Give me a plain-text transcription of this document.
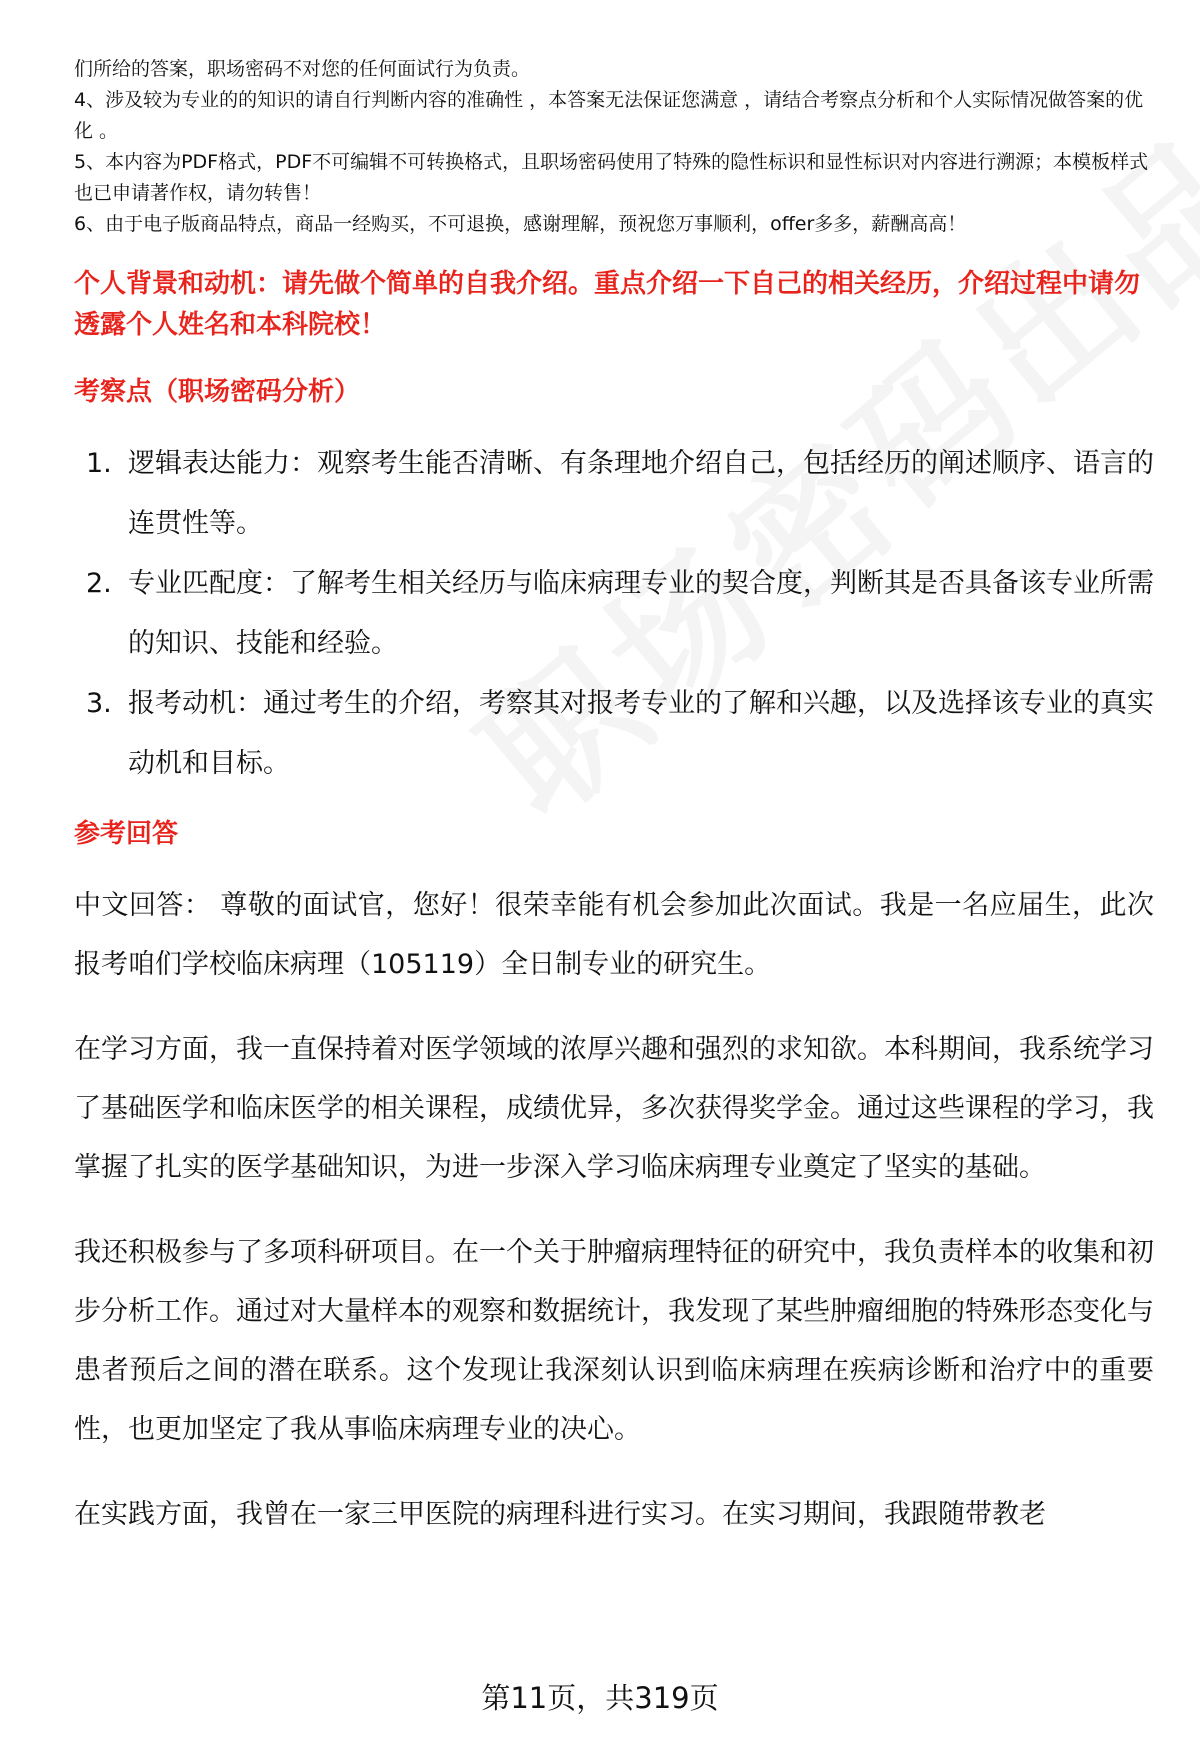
们所给的答案，职场密码不对您的任何面试行为负责。

4、涉及较为专业的的知识的请自行判断内容的准确性 ，本答案无法保证您满意 ，请结合考察点分析和个人实际情况做答案的优化 。

5、本内容为PDF格式，PDF不可编辑不可转换格式，且职场密码使用了特殊的隐性标识和显性标识对内容进行溯源；本模板样式也已申请著作权，请勿转售！

6、由于电子版商品特点，商品一经购买，不可退换，感谢理解，预祝您万事顺利，offer多多，薪酬高高！

个人背景和动机：请先做个简单的自我介绍。重点介绍一下自己的相关经历，介绍过程中请勿透露个人姓名和本科院校！
考察点（职场密码分析）
1. 逻辑表达能力：观察考生能否清晰、有条理地介绍自己，包括经历的阐述顺序、语言的连贯性等。
2. 专业匹配度：了解考生相关经历与临床病理专业的契合度，判断其是否具备该专业所需的知识、技能和经验。
3. 报考动机：通过考生的介绍，考察其对报考专业的了解和兴趣，以及选择该专业的真实动机和目标。
参考回答

中文回答： 尊敬的面试官，您好！很荣幸能有机会参加此次面试。我是一名应届生，此次报考咱们学校临床病理（105119）全日制专业的研究生。

在学习方面，我一直保持着对医学领域的浓厚兴趣和强烈的求知欲。本科期间，我系统学习了基础医学和临床医学的相关课程，成绩优异，多次获得奖学金。通过这些课程的学习，我掌握了扎实的医学基础知识，为进一步深入学习临床病理专业奠定了坚实的基础。

我还积极参与了多项科研项目。在一个关于肿瘤病理特征的研究中，我负责样本的收集和初步分析工作。通过对大量样本的观察和数据统计，我发现了某些肿瘤细胞的特殊形态变化与患者预后之间的潜在联系。这个发现让我深刻认识到临床病理在疾病诊断和治疗中的重要性，也更加坚定了我从事临床病理专业的决心。

在实践方面，我曾在一家三甲医院的病理科进行实习。在实习期间，我跟随带教老

第11页，共319页
